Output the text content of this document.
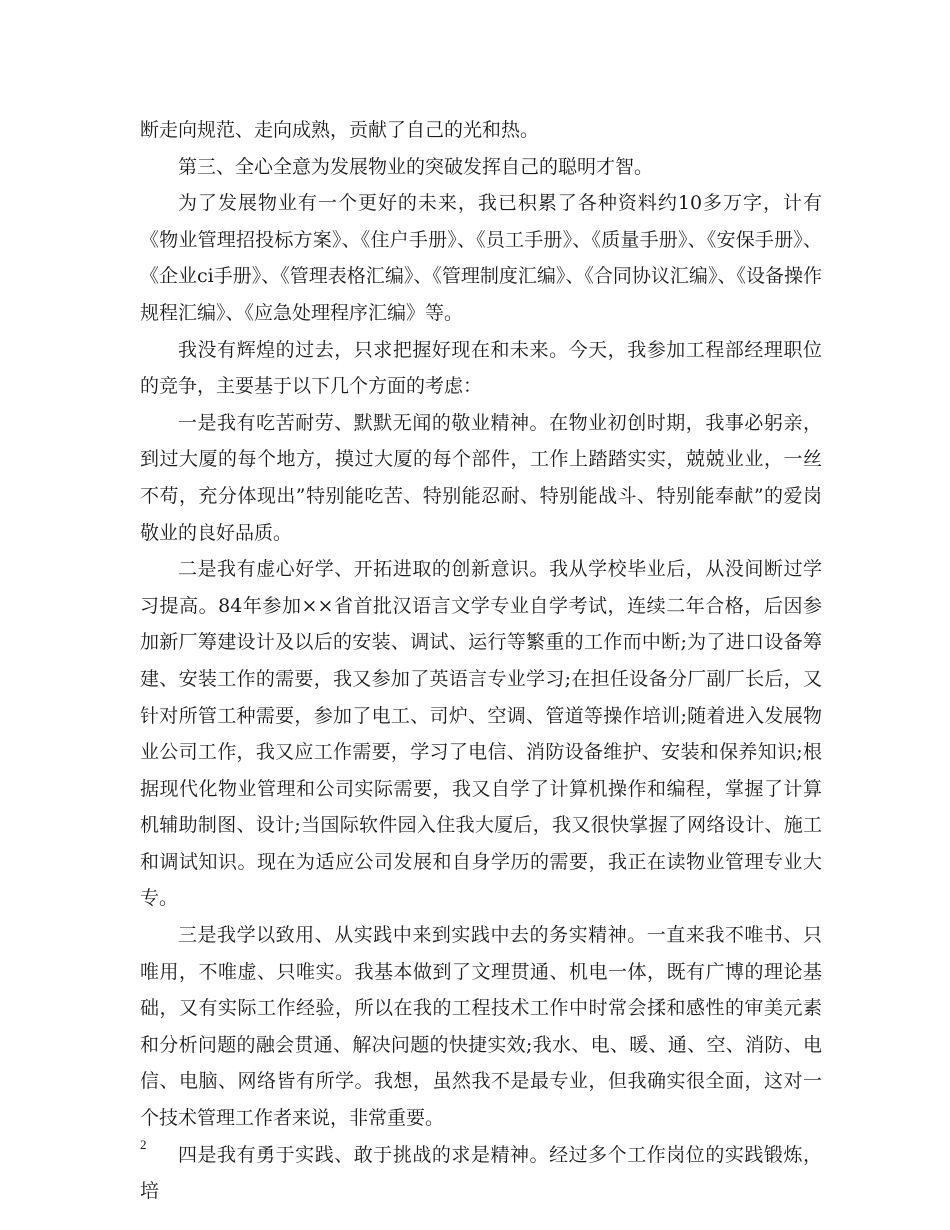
断走向规范、走向成熟，贡献了自己的光和热。

第三、全心全意为发展物业的突破发挥自己的聪明才智。

为了发展物业有一个更好的未来，我已积累了各种资料约10多万字，计有《物业管理招投标方案》、《住户手册》、《员工手册》、《质量手册》、《安保手册》、《企业ci手册》、《管理表格汇编》、《管理制度汇编》、《合同协议汇编》、《设备操作规程汇编》、《应急处理程序汇编》等。

我没有辉煌的过去，只求把握好现在和未来。今天，我参加工程部经理职位的竞争，主要基于以下几个方面的考虑：

一是我有吃苦耐劳、默默无闻的敬业精神。在物业初创时期，我事必躬亲，到过大厦的每个地方，摸过大厦的每个部件，工作上踏踏实实，兢兢业业，一丝不苟，充分体现出”特别能吃苦、特别能忍耐、特别能战斗、特别能奉献”的爱岗敬业的良好品质。

二是我有虚心好学、开拓进取的创新意识。我从学校毕业后，从没间断过学习提高。84年参加××省首批汉语言文学专业自学考试，连续二年合格，后因参加新厂筹建设计及以后的安装、调试、运行等繁重的工作而中断;为了进口设备筹建、安装工作的需要，我又参加了英语言专业学习;在担任设备分厂副厂长后，又针对所管工种需要，参加了电工、司炉、空调、管道等操作培训;随着进入发展物业公司工作，我又应工作需要，学习了电信、消防设备维护、安装和保养知识;根据现代化物业管理和公司实际需要，我又自学了计算机操作和编程，掌握了计算机辅助制图、设计;当国际软件园入住我大厦后，我又很快掌握了网络设计、施工和调试知识。现在为适应公司发展和自身学历的需要，我正在读物业管理专业大专。

三是我学以致用、从实践中来到实践中去的务实精神。一直来我不唯书、只唯用，不唯虚、只唯实。我基本做到了文理贯通、机电一体，既有广博的理论基础，又有实际工作经验，所以在我的工程技术工作中时常会揉和感性的审美元素和分析问题的融会贯通、解决问题的快捷实效;我水、电、暖、通、空、消防、电信、电脑、网络皆有所学。我想，虽然我不是最专业，但我确实很全面，这对一个技术管理工作者来说，非常重要。

四是我有勇于实践、敢于挑战的求是精神。经过多个工作岗位的实践锻炼，培

2
